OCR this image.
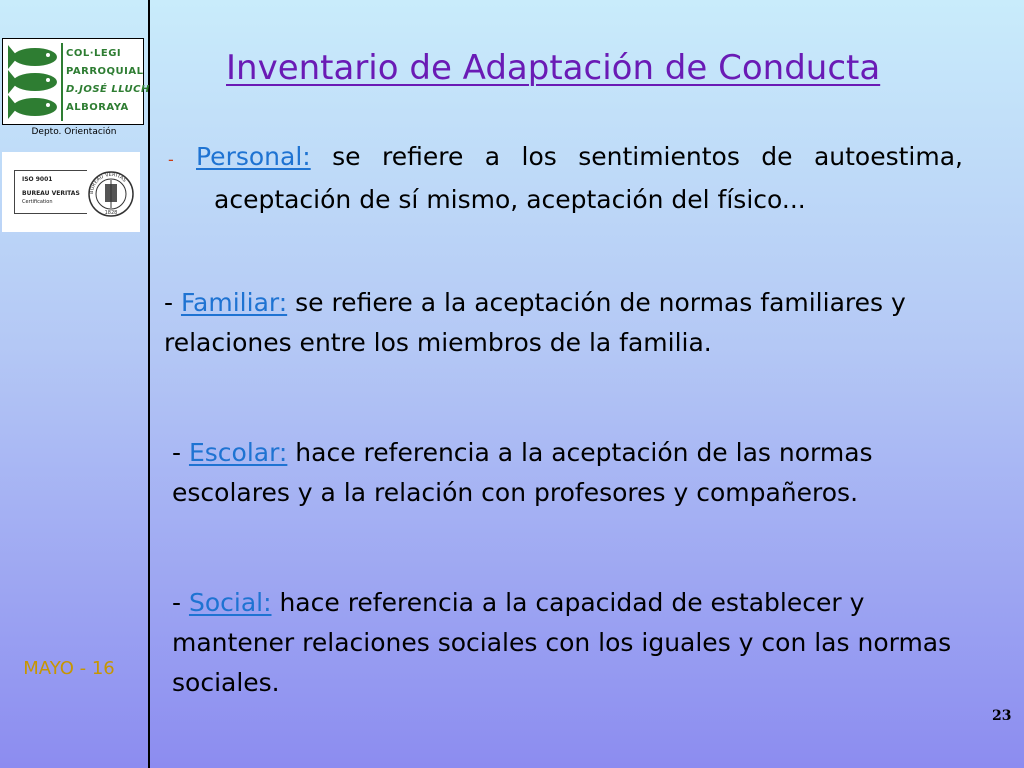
COL·LEGI
PARROQUIAL
D.JOSÉ LLUCH
ALBORAYA
Depto. Orientación
ISO 9001
BUREAU VERITAS
Certification
BUREAU VERITAS
1828
MAYO - 16
Inventario de Adaptación de Conducta
- Personal: se refiere a los sentimientos de autoestima, aceptación de sí mismo, aceptación del físico...
- Familiar: se refiere a la aceptación de normas familiares y relaciones entre los miembros de la familia.
- Escolar: hace referencia a la aceptación de las normas escolares y a la relación con profesores y compañeros.
- Social: hace referencia a la capacidad de establecer y mantener relaciones sociales con los iguales y con las normas sociales.
23
